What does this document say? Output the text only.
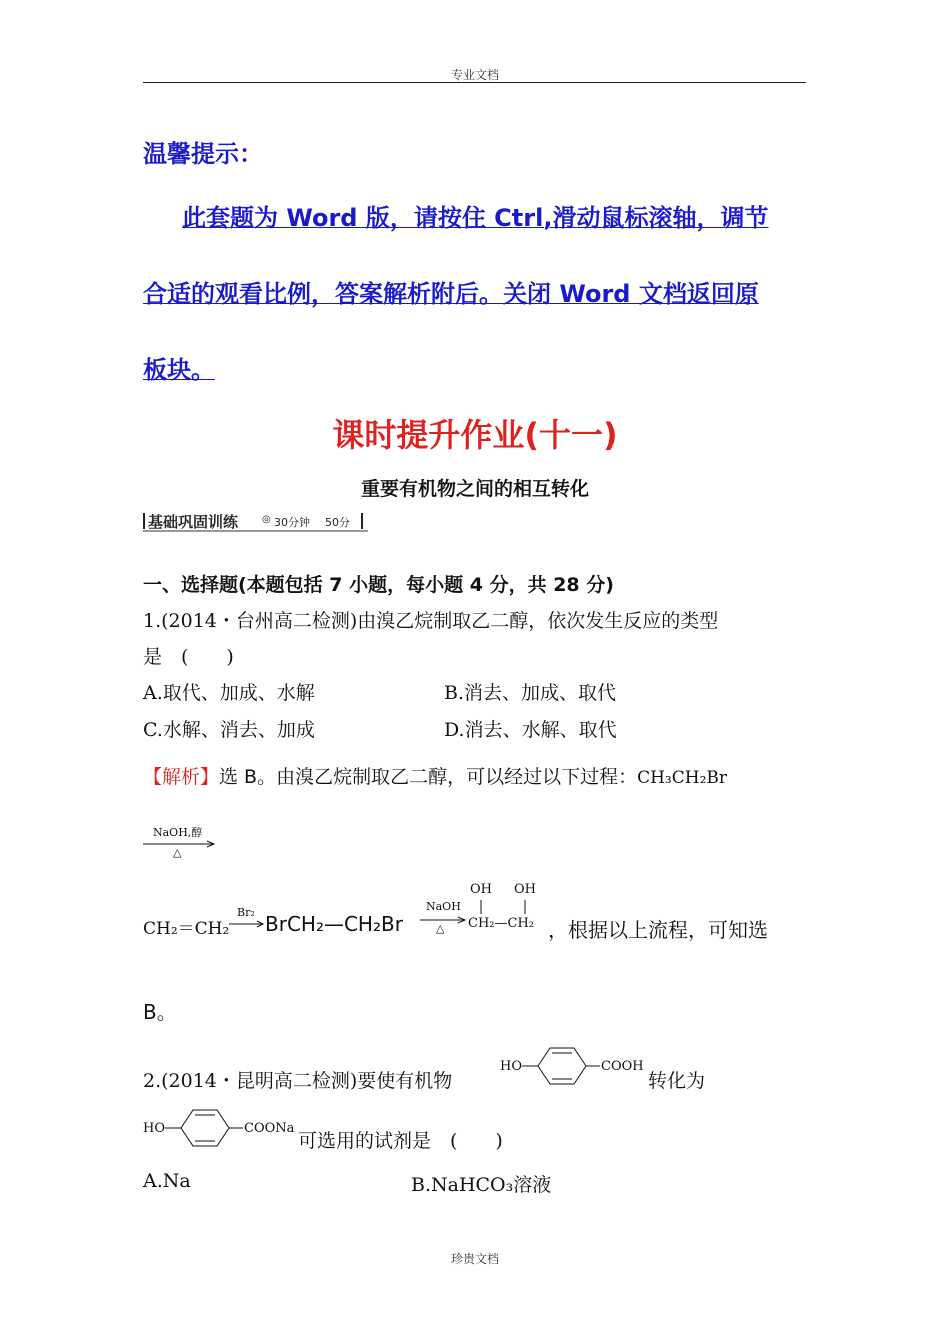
专业文档
温馨提示：
此套题为 Word 版，请按住 Ctrl,滑动鼠标滚轴，调节
合适的观看比例，答案解析附后。关闭 Word 文档返回原
板块。
课时提升作业(十一)
重要有机物之间的相互转化
基础巩固训练 ◎ 30分钟 50分
一、选择题(本题包括 7 小题，每小题 4 分，共 28 分)
1.(2014・台州高二检测)由溴乙烷制取乙二醇，依次发生反应的类型
是　(　　)
A.取代、加成、水解	B.消去、加成、取代
C.水解、消去、加成	D.消去、水解、取代
【解析】选 B。由溴乙烷制取乙二醇，可以经过以下过程：CH₃CH₂Br
NaOH,醇
△
CH₂＝CH₂
Br₂ BrCH₂—CH₂Br
NaOH
△
OH OH
CH₂—CH₂ ，根据以上流程，可知选
B。
2.(2014・昆明高二检测)要使有机物
HO	COOH
转化为
HO	COONa
可选用的试剂是　(　　)
A.Na	B.NaHCO₃溶液
珍贵文档
